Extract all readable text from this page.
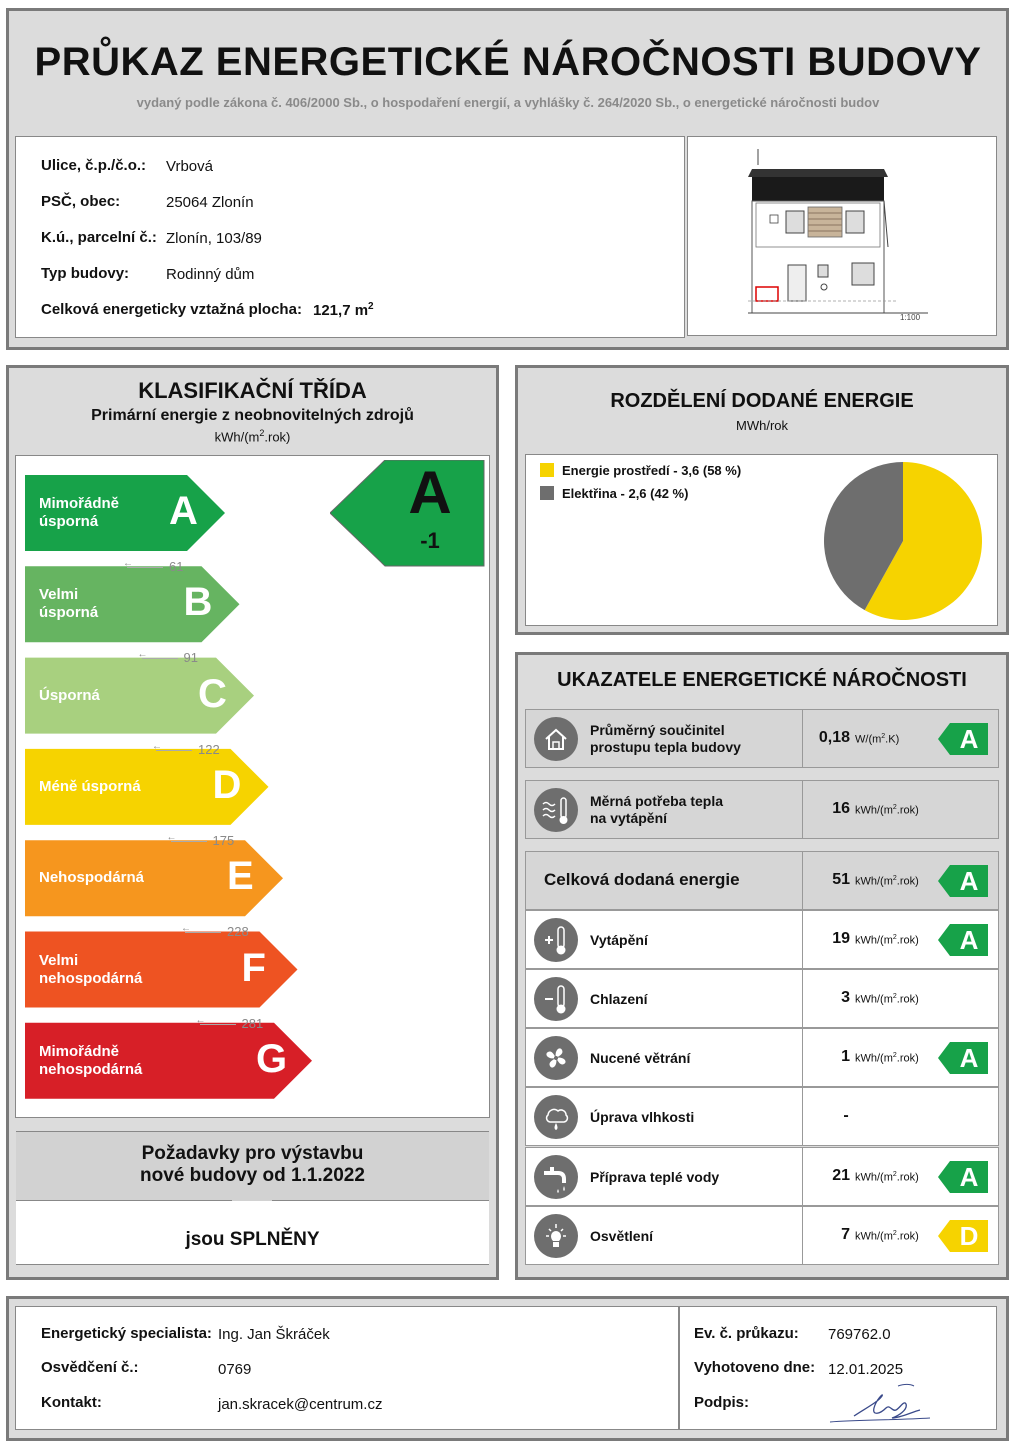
PRŮKAZ ENERGETICKÉ NÁROČNOSTI BUDOVY
vydaný podle zákona č. 406/2000 Sb., o hospodaření energií, a vyhlášky č. 264/2020 Sb., o energetické náročnosti budov
Ulice, č.p./č.o.: Vrbová
PSČ, obec:	25064 Zlonín
K.ú., parcelní č.: Zlonín, 103/89
Typ budovy: Rodinný dům
Celková energeticky vztažná plocha: 121,7 $m^2$
1:100
KLASIFIKAČNÍ TŘÍDA
Primární energie z neobnovitelných zdrojů
kWh/$(m^2.rok)$
Mimořádně
úsporná	A
←	61
Velmi
úsporná B
←	91
Úsporná C
←	122
Méně úsporná D
←	175
Nehospodárná E
←	228
Velmi
nehospodárná F
←	281
Mimořádně
nehospodárná	G
A
-1
Požadavky pro výstavbu
nové budovy od 1.1.2022
jsou SPLNĚNY
ROZDĚLENÍ DODANÉ ENERGIE
MWh/rok
Energie prostředí - 3,6 (58 %)
Elektřina - 2,6 (42 %)
UKAZATELE ENERGETICKÉ NÁROČNOSTI
Průměrný součinitel
prostupu tepla budovy
0,18 $W/(m^2.K)$	A
Měrná potřeba tepla
na vytápění
16 kWh/$(m^2.rok)$
Celková dodaná energie	51 kWh/$(m^2.rok)$	A
Vytápění	19 kWh/$(m^2.rok)$	A
Chlazení	3 kWh/$(m^2.rok)$
Nucené větrání	1 kWh/$(m^2.rok)$	A
Úprava vlhkosti	-
Příprava teplé vody	21 kWh/$(m^2.rok)$	A
Osvětlení	7 kWh/$(m^2.rok)$	D
Energetický specialista: Ing. Jan Škráček
Osvědčení č.:	0769
Kontakt:	jan.skracek@centrum.cz
Ev. č. průkazu: 769762.0
Vyhotoveno dne: 12.01.2025
Podpis:
